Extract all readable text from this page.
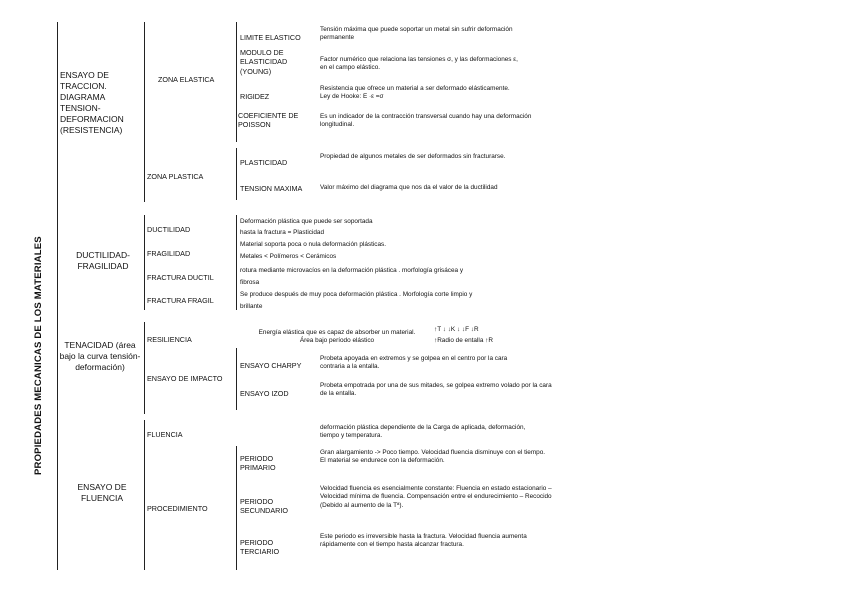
PROPIEDADES MECANICAS DE LOS MATERIALES
ENSAYO DE TRACCION. DIAGRAMA TENSION-DEFORMACION (RESISTENCIA)
ZONA ELASTICA
LIMITE ELASTICO
Tensión máxima que puede soportar un metal sin sufrir deformación permanente
MODULO DE ELASTICIDAD (YOUNG)
Factor numérico que relaciona las tensiones σ, y las deformaciones ε, en el campo elástico.
RIGIDEZ
Resistencia que ofrece un material a ser deformado elásticamente. Ley de Hooke: E ·ε =σ
COEFICIENTE DE POISSON
Es un indicador de la contracción transversal cuando hay una deformación longitudinal.
ZONA PLASTICA
PLASTICIDAD
Propiedad de algunos metales de ser deformados sin fracturarse.
TENSION MAXIMA	Valor máximo del diagrama que nos da el valor de la ductilidad
DUCTILIDAD-FRAGILIDAD
DUCTILIDAD
FRAGILIDAD
FRACTURA DUCTIL
FRACTURA FRAGIL
Deformación plástica que puede ser soportada
hasta la fractura = Plasticidad
Material soporta poca o nula deformación plásticas.
Metales < Polímeros < Cerámicos
rotura mediante microvacíos en la deformación plástica . morfología grisácea y
fibrosa
Se produce después de muy poca deformación plástica . Morfología corte limpio y
brillante
TENACIDAD (área bajo la curva tensión-deformación)
RESILIENCIA
Energía elástica que es capaz de absorber un material. Área bajo período elástico
↑T ↓ ↓K ↓ ↓F ↓R
↑Radio de entalla ↑R
ENSAYO DE IMPACTO
ENSAYO CHARPY
Probeta apoyada en extremos y se golpea en el centro por la cara contraria a la entalla.
ENSAYO IZOD
Probeta empotrada por una de sus mitades, se golpea extremo volado por la cara de la entalla.
ENSAYO DE FLUENCIA
FLUENCIA
deformación plástica dependiente de la Carga de aplicada, deformación, tiempo y temperatura.
PROCEDIMIENTO
PERIODO PRIMARIO
Gran alargamiento -> Poco tiempo. Velocidad fluencia disminuye con el tiempo. El material se endurece con la deformación.
PERIODO SECUNDARIO
Velocidad fluencia es esencialmente constante: Fluencia en estado estacionario – Velocidad mínima de fluencia. Compensación entre el endurecimiento – Recocido (Debido al aumento de la Tª).
PERIODO TERCIARIO
Este periodo es irreversible hasta la fractura. Velocidad fluencia aumenta rápidamente con el tiempo hasta alcanzar fractura.
